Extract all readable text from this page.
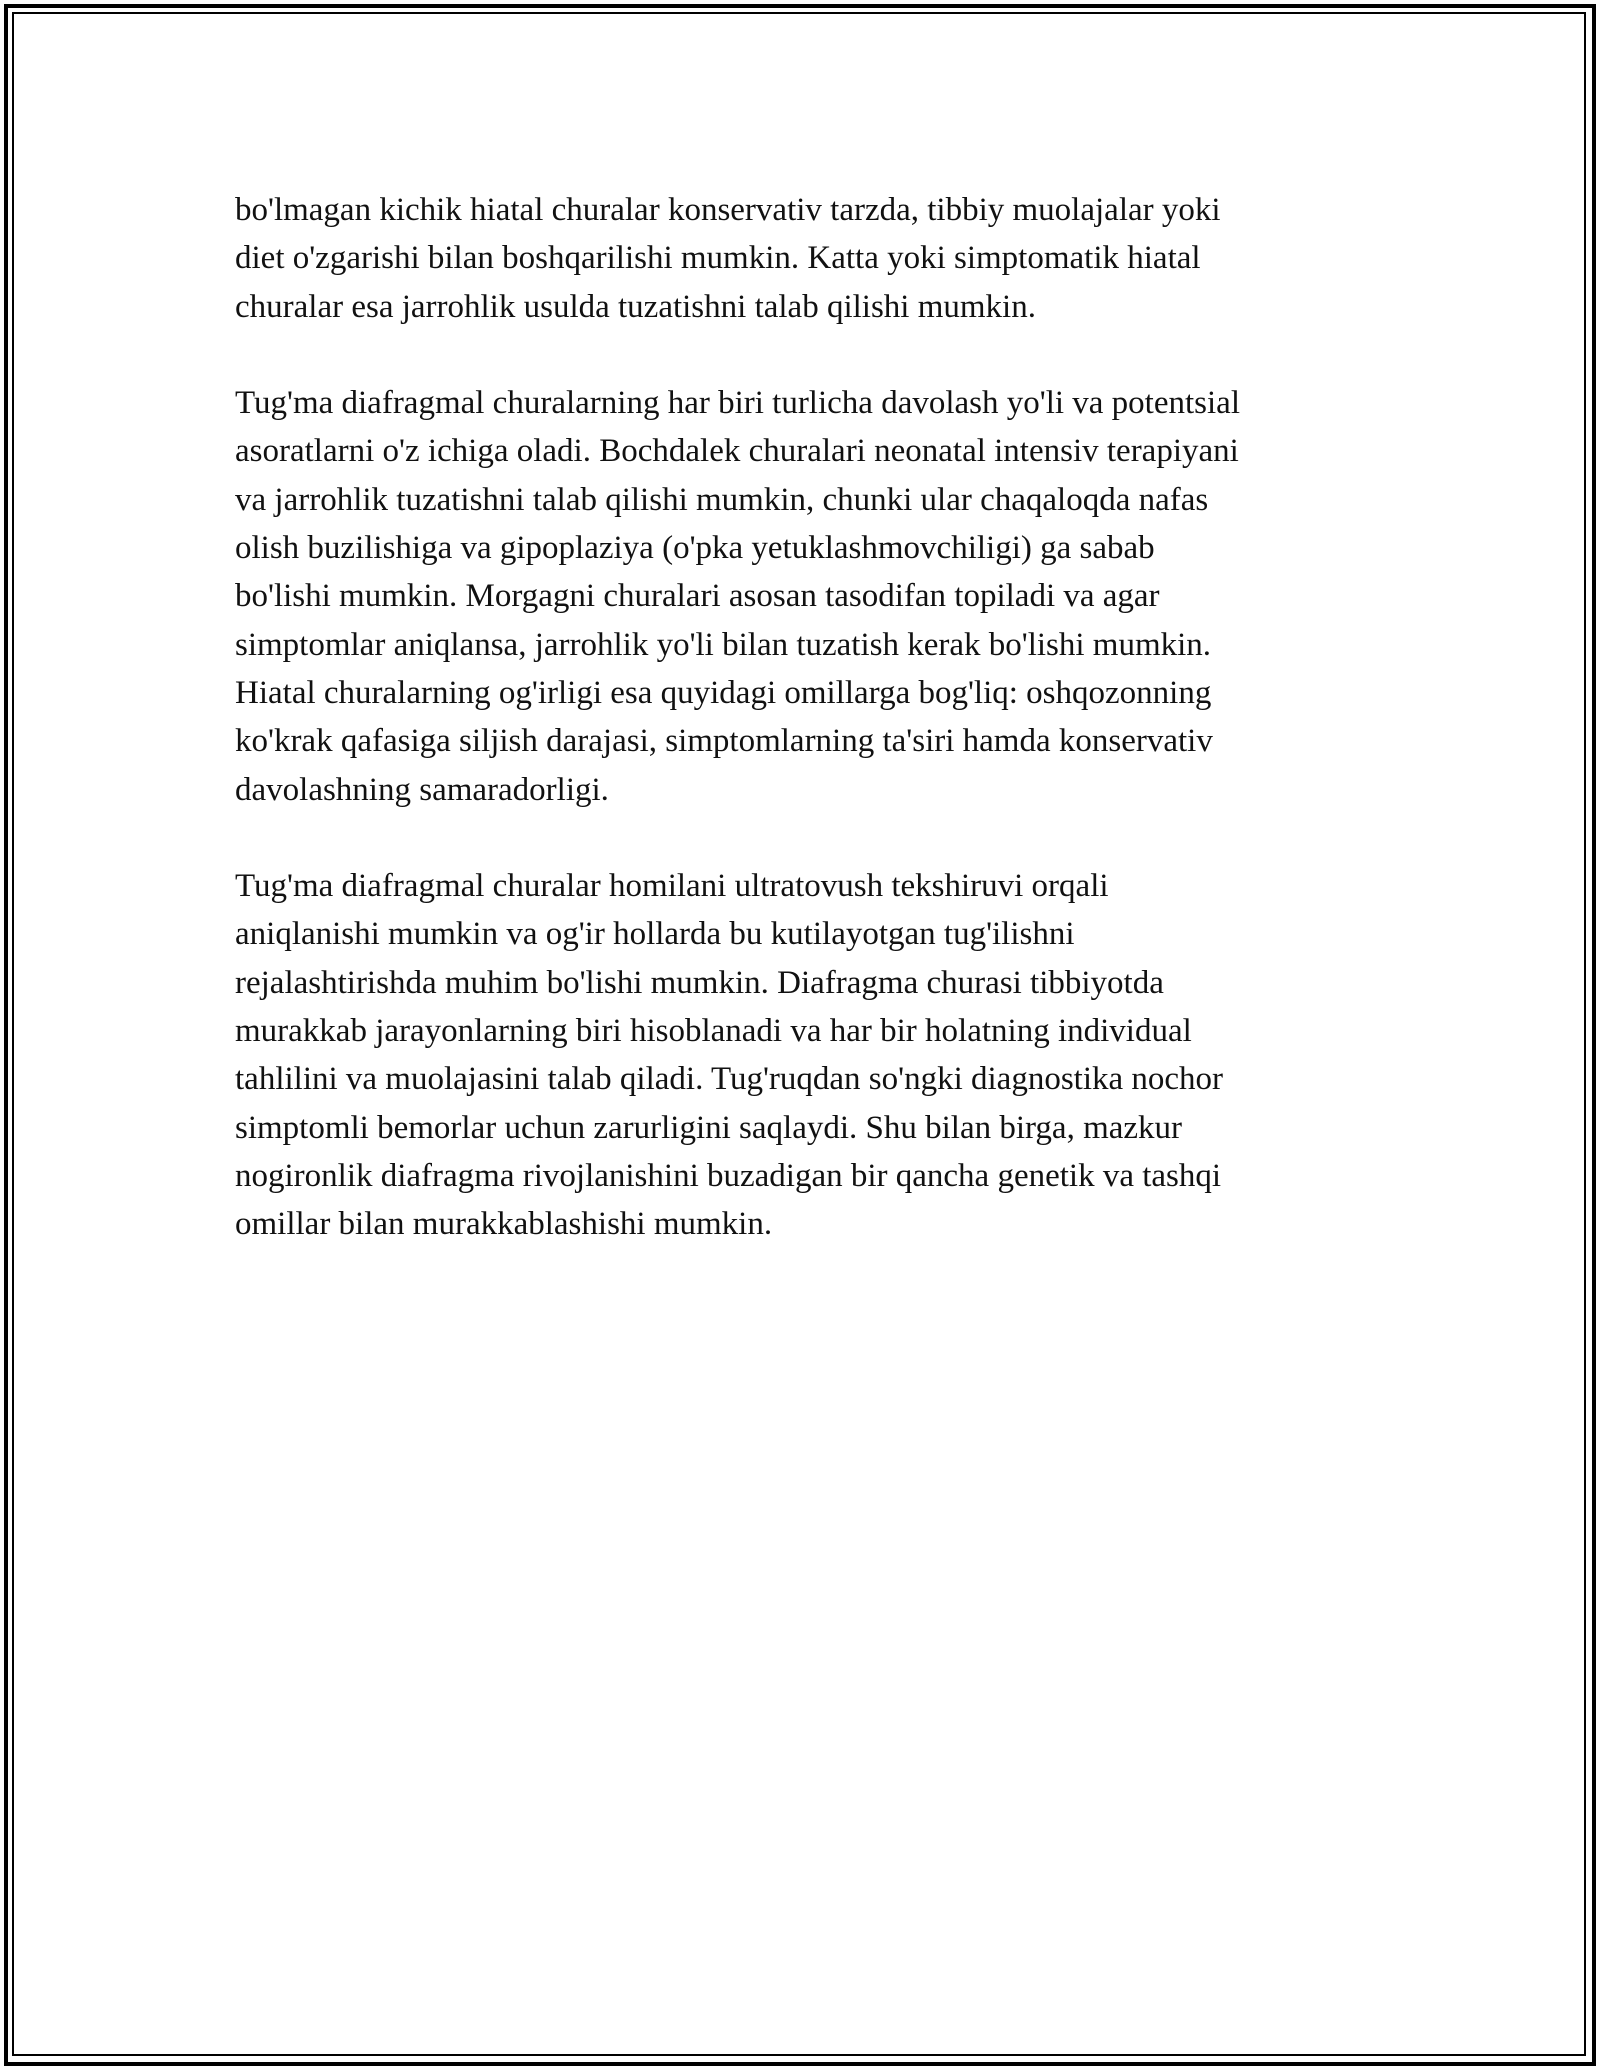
bo'lmagan kichik hiatal churalar konservativ tarzda, tibbiy muolajalar yoki
diet o'zgarishi bilan boshqarilishi mumkin. Katta yoki simptomatik hiatal
churalar esa jarrohlik usulda tuzatishni talab qilishi mumkin.

Tug'ma diafragmal churalarning har biri turlicha davolash yo'li va potentsial
asoratlarni o'z ichiga oladi. Bochdalek churalari neonatal intensiv terapiyani
va jarrohlik tuzatishni talab qilishi mumkin, chunki ular chaqaloqda nafas
olish buzilishiga va gipoplaziya (o'pka yetuklashmovchiligi) ga sabab
bo'lishi mumkin. Morgagni churalari asosan tasodifan topiladi va agar
simptomlar aniqlansa, jarrohlik yo'li bilan tuzatish kerak bo'lishi mumkin.
Hiatal churalarning og'irligi esa quyidagi omillarga bog'liq: oshqozonning
ko'krak qafasiga siljish darajasi, simptomlarning ta'siri hamda konservativ
davolashning samaradorligi.

Tug'ma diafragmal churalar homilani ultratovush tekshiruvi orqali
aniqlanishi mumkin va og'ir hollarda bu kutilayotgan tug'ilishni
rejalashtirishda muhim bo'lishi mumkin. Diafragma churasi tibbiyotda
murakkab jarayonlarning biri hisoblanadi va har bir holatning individual
tahlilini va muolajasini talab qiladi. Tug'ruqdan so'ngki diagnostika nochor
simptomli bemorlar uchun zarurligini saqlaydi. Shu bilan birga, mazkur
nogironlik diafragma rivojlanishini buzadigan bir qancha genetik va tashqi
omillar bilan murakkablashishi mumkin.
